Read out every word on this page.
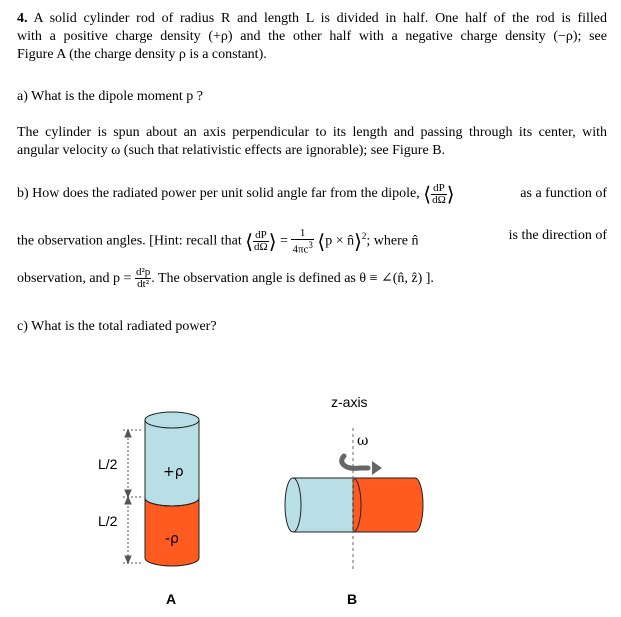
4. A solid cylinder rod of radius R and length L is divided in half. One half of the rod is filled
with a positive charge density (+ρ) and the other half with a negative charge density (−ρ); see
Figure A (the charge density ρ is a constant).
a) What is the dipole moment p ?
The cylinder is spun about an axis perpendicular to its length and passing through its center, with
angular velocity ω (such that relativistic effects are ignorable); see Figure B.
b) How does the radiated power per unit solid angle far from the dipole, ⟨ $\frac{dP}{d\Omega}$ ⟩	as a function of
the observation angles. [Hint: recall that ⟨ $\frac{dP}{d\Omega}$ ⟩ = $\frac{1}{4\pi c^3}$ ⟨p × n̂⟩$^2$; where n̂	is the direction of
observation, and $p = \frac{\text{d²p}}{\text{dt²}}$ . The observation angle is defined as θ ≡ ∠(n̂, ẑ) ].
c) What is the total radiated power?
L/2
L/2
+ρ
-ρ
A
z-axis
ω
B
